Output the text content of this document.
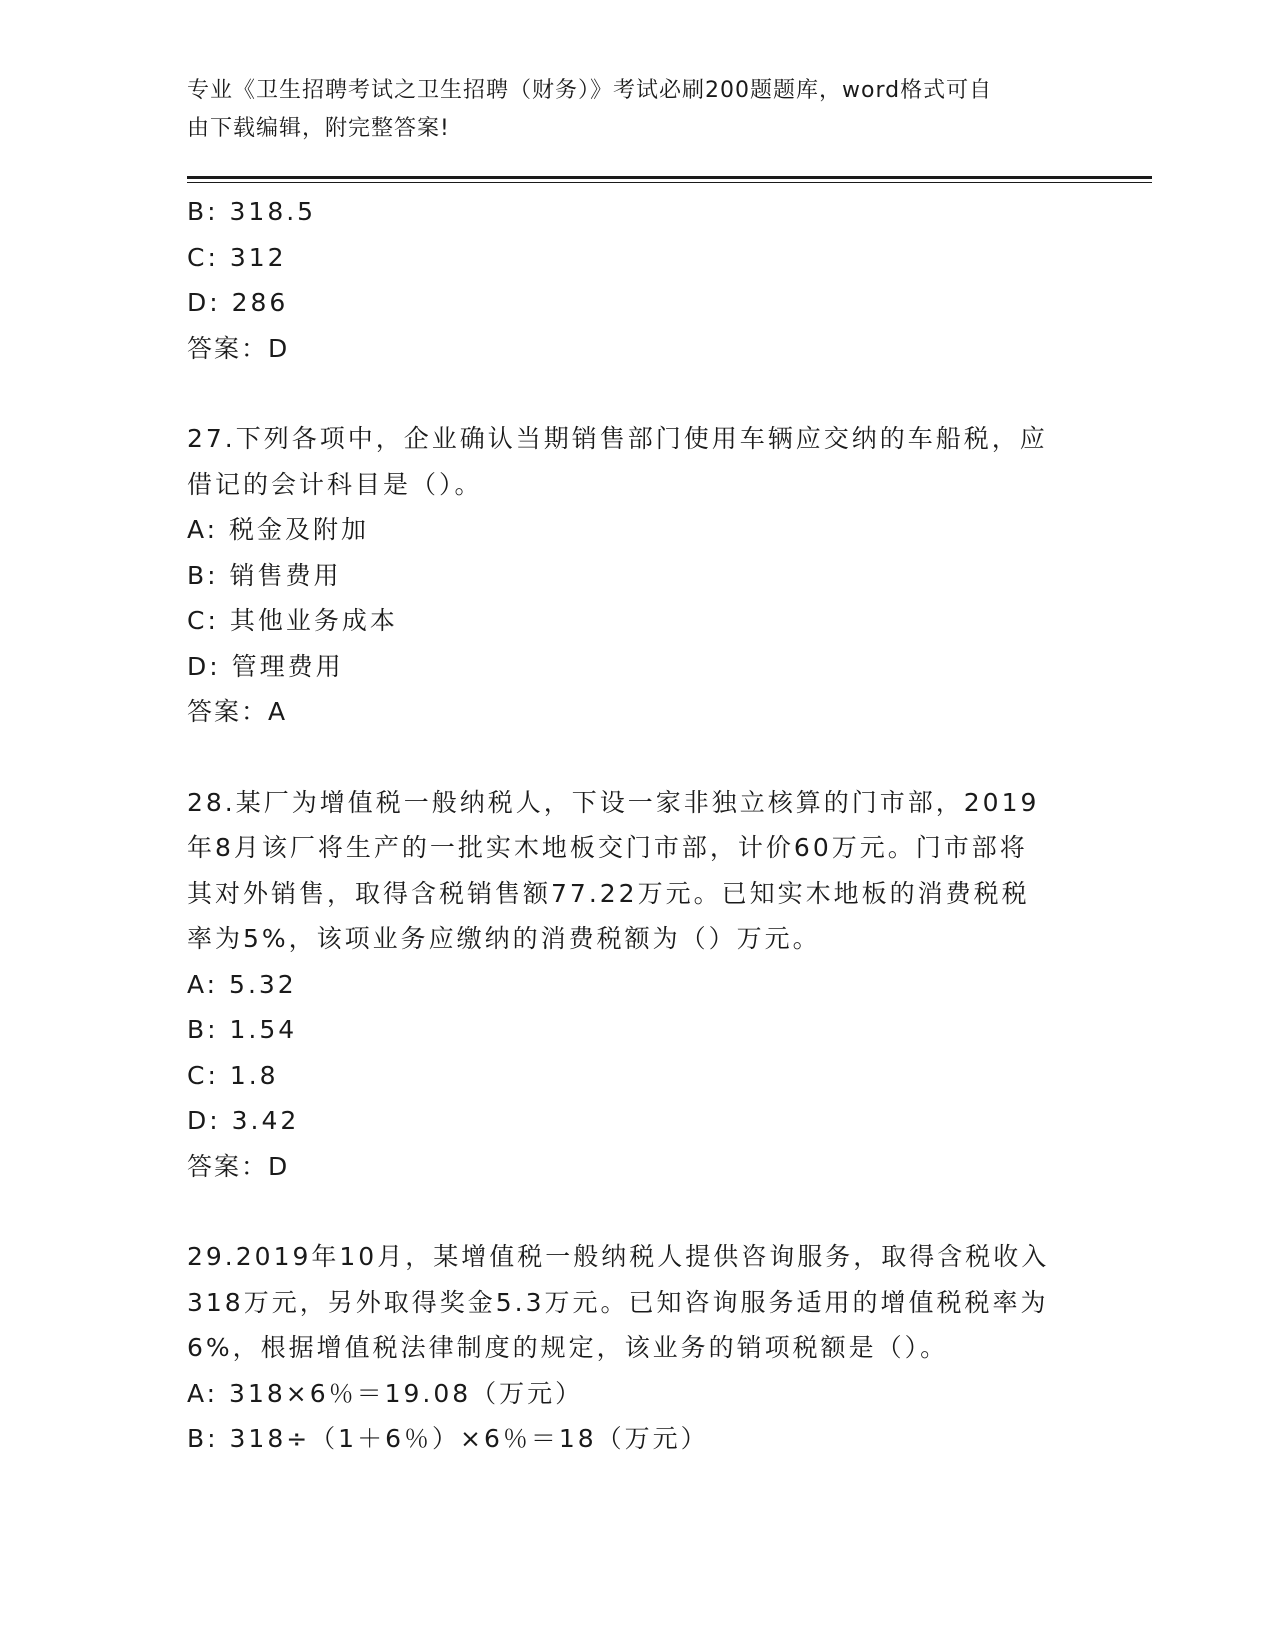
专业《卫生招聘考试之卫生招聘（财务）》考试必刷200题题库，word格式可自
由下载编辑，附完整答案!
B: 318.5
C: 312
D: 286
答案：D
27.下列各项中，企业确认当期销售部门使用车辆应交纳的车船税，应
借记的会计科目是（）。
A: 税金及附加
B: 销售费用
C: 其他业务成本
D: 管理费用
答案：A
28.某厂为增值税一般纳税人，下设一家非独立核算的门市部，2019
年8月该厂将生产的一批实木地板交门市部，计价60万元。门市部将
其对外销售，取得含税销售额77.22万元。已知实木地板的消费税税
率为5%，该项业务应缴纳的消费税额为（）万元。
A: 5.32
B: 1.54
C: 1.8
D: 3.42
答案：D
29.2019年10月，某增值税一般纳税人提供咨询服务，取得含税收入
318万元，另外取得奖金5.3万元。已知咨询服务适用的增值税税率为
6%，根据增值税法律制度的规定，该业务的销项税额是（）。
A: 318×6％＝19.08（万元）
B: 318÷（1＋6％）×6％＝18（万元）
